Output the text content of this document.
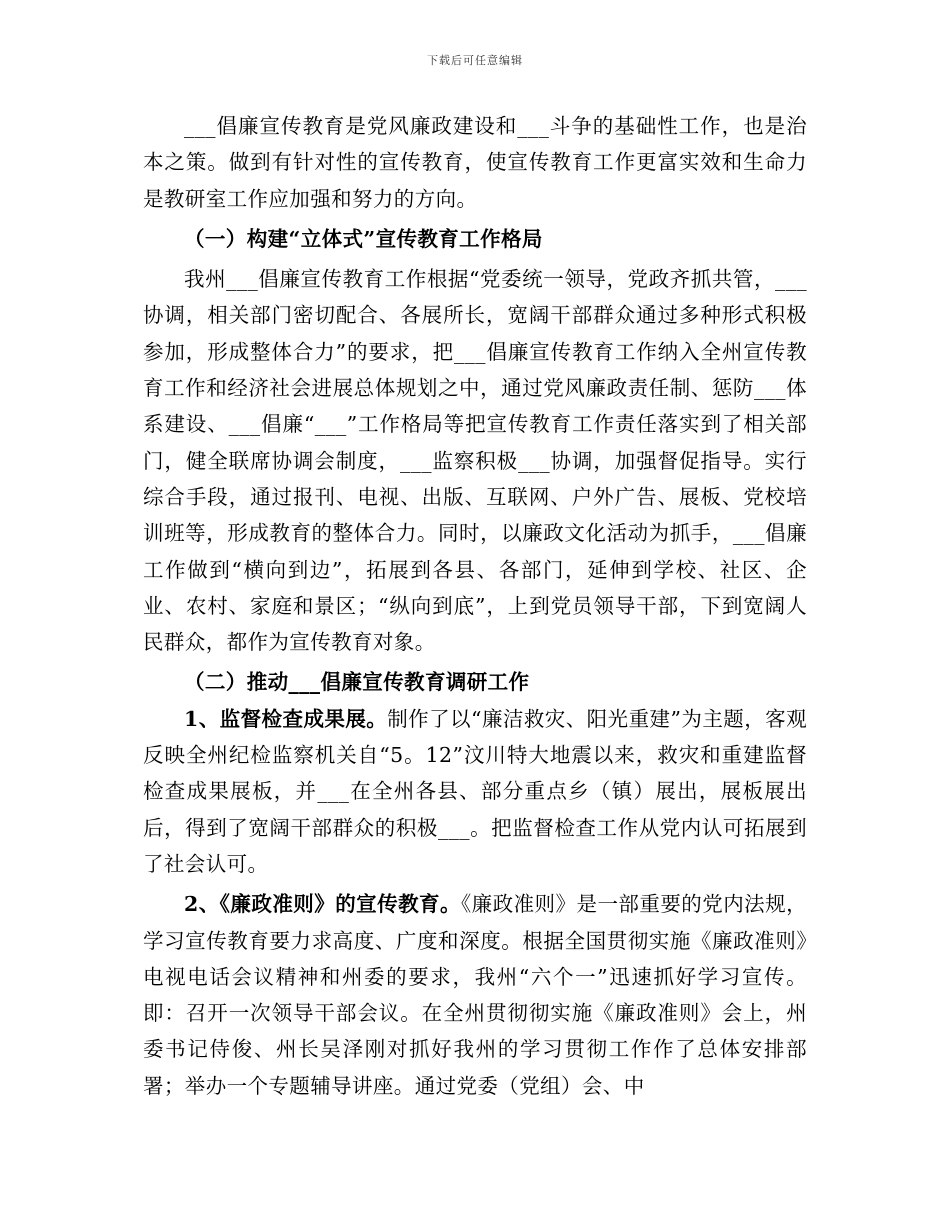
下载后可任意编辑

___倡廉宣传教育是党风廉政建设和___斗争的基础性工作，也是治本之策。做到有针对性的宣传教育，使宣传教育工作更富实效和生命力是教研室工作应加强和努力的方向。

（一）构建“立体式”宣传教育工作格局

我州___倡廉宣传教育工作根据“党委统一领导，党政齐抓共管，___协调，相关部门密切配合、各展所长，宽阔干部群众通过多种形式积极参加，形成整体合力”的要求，把___倡廉宣传教育工作纳入全州宣传教育工作和经济社会进展总体规划之中，通过党风廉政责任制、惩防___体系建设、___倡廉“___”工作格局等把宣传教育工作责任落实到了相关部门，健全联席协调会制度，___监察积极___协调，加强督促指导。实行综合手段，通过报刊、电视、出版、互联网、户外广告、展板、党校培训班等，形成教育的整体合力。同时，以廉政文化活动为抓手，___倡廉工作做到“横向到边”，拓展到各县、各部门，延伸到学校、社区、企业、农村、家庭和景区；“纵向到底”，上到党员领导干部，下到宽阔人民群众，都作为宣传教育对象。

（二）推动___倡廉宣传教育调研工作

1、监督检查成果展。制作了以“廉洁救灾、阳光重建”为主题，客观反映全州纪检监察机关自“5。12”汶川特大地震以来，救灾和重建监督检查成果展板，并___在全州各县、部分重点乡（镇）展出，展板展出后，得到了宽阔干部群众的积极___。把监督检查工作从党内认可拓展到了社会认可。

2、《廉政准则》的宣传教育。《廉政准则》是一部重要的党内法规，学习宣传教育要力求高度、广度和深度。根据全国贯彻实施《廉政准则》电视电话会议精神和州委的要求，我州“六个一”迅速抓好学习宣传。即：召开一次领导干部会议。在全州贯彻彻实施《廉政准则》会上，州委书记侍俊、州长吴泽刚对抓好我州的学习贯彻工作作了总体安排部署；举办一个专题辅导讲座。通过党委（党组）会、中
